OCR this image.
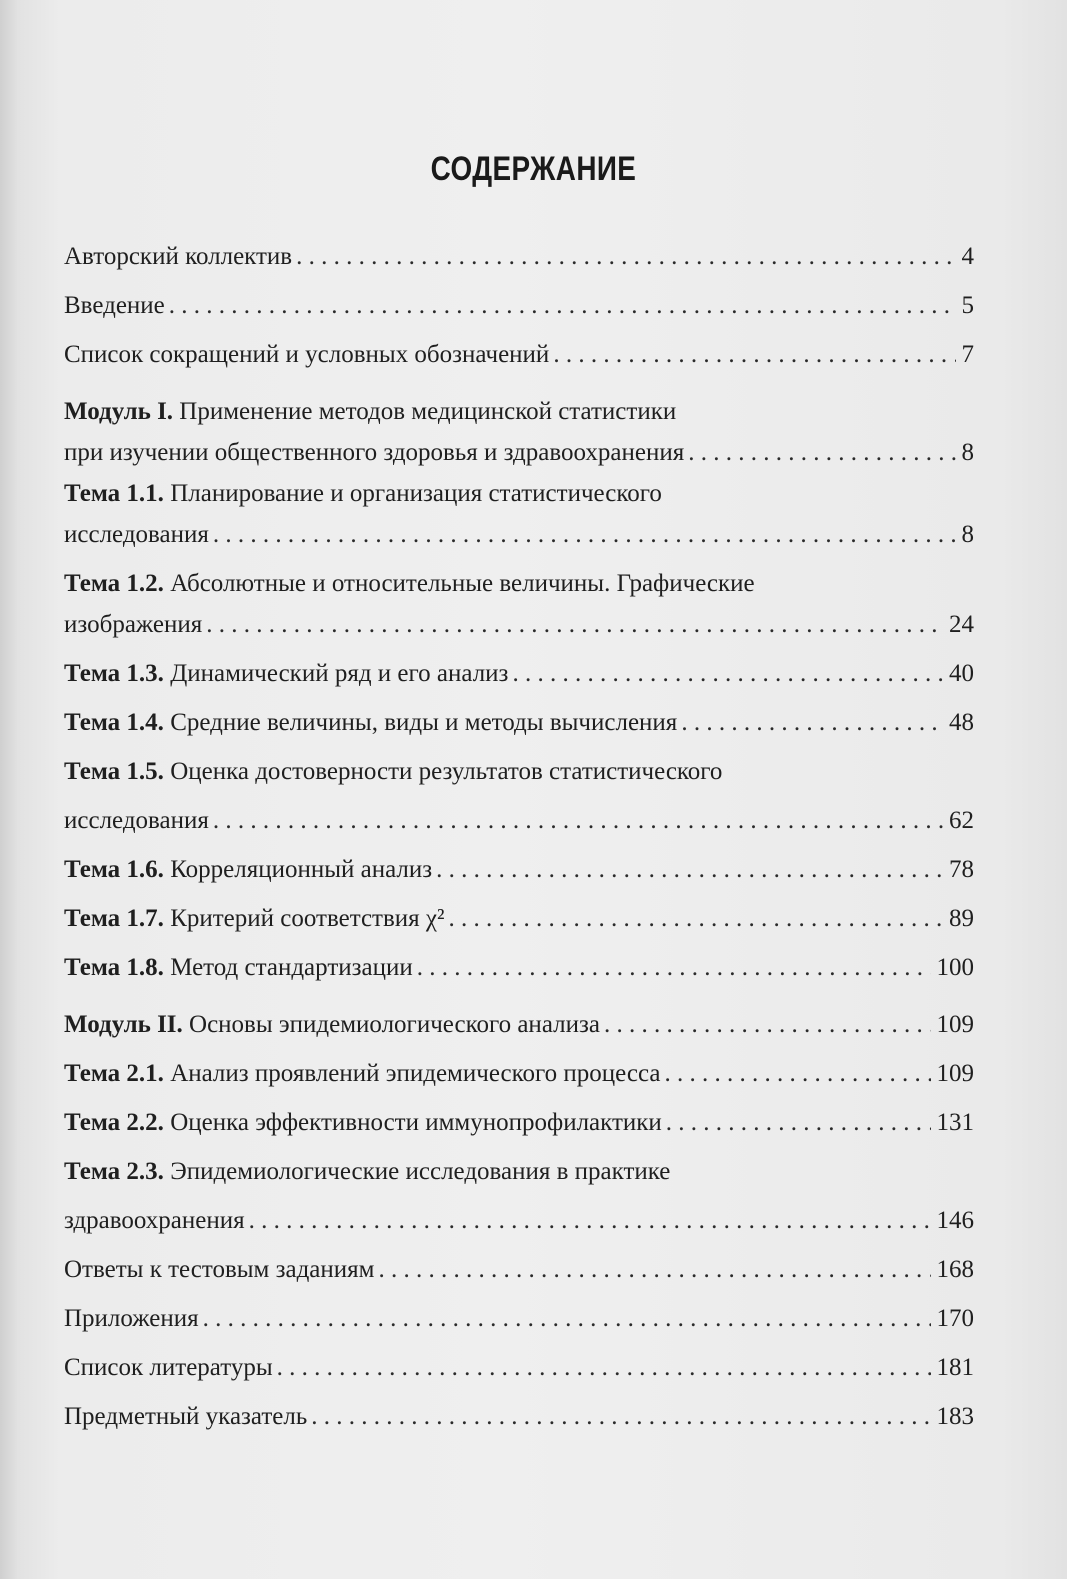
СОДЕРЖАНИЕ
Авторский коллектив . . .	4
Введение . . .	5
Список сокращений и условных обозначений . . .	7
Модуль I. Применение методов медицинской статистики
при изучении общественного здоровья и здравоохранения . . .	8
Тема 1.1. Планирование и организация статистического
исследования . . .	8
Тема 1.2. Абсолютные и относительные величины. Графические
изображения . . .	24
Тема 1.3. Динамический ряд и его анализ . . .	40
Тема 1.4. Средние величины, виды и методы вычисления . . .	48
Тема 1.5. Оценка достоверности результатов статистического
исследования . . .	62
Тема 1.6. Корреляционный анализ . . .	78
Тема 1.7. Критерий соответствия χ² . . .	89
Тема 1.8. Метод стандартизации . . .	100
Модуль II. Основы эпидемиологического анализа . . .	109
Тема 2.1. Анализ проявлений эпидемического процесса . . .	109
Тема 2.2. Оценка эффективности иммунопрофилактики . . .	131
Тема 2.3. Эпидемиологические исследования в практике
здравоохранения . . .	146
Ответы к тестовым заданиям . . .	168
Приложения . . .	170
Список литературы . . .	181
Предметный указатель . . .	183
